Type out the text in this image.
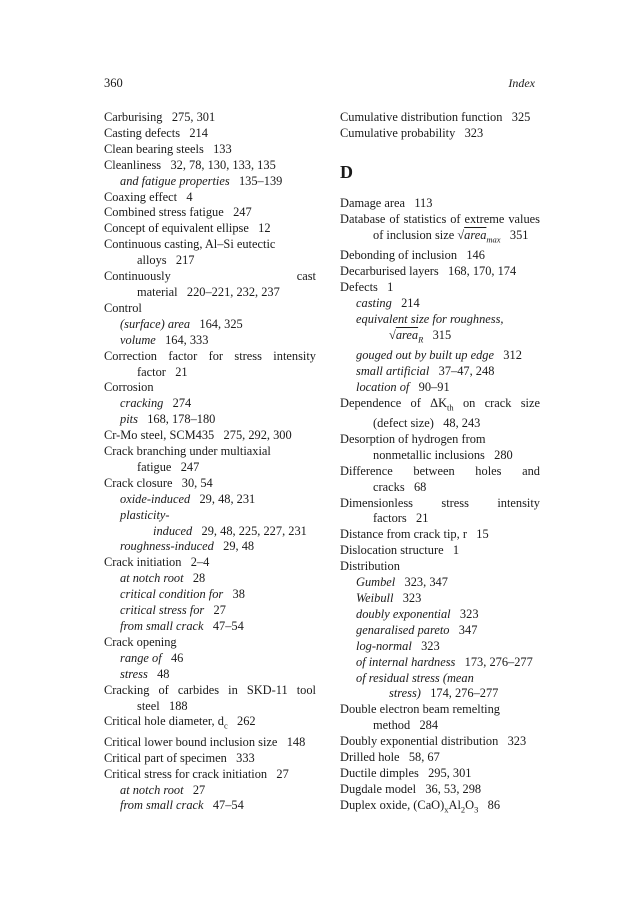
360	Index
Carburising 275, 301
Casting defects 214
Clean bearing steels 133
Cleanliness 32, 78, 130, 133, 135
and fatigue properties 135–139
Coaxing effect 4
Combined stress fatigue 247
Concept of equivalent ellipse 12
Continuous casting, Al–Si eutectic alloys 217
Continuously cast material 220–221, 232, 237
Control
(surface) area 164, 325
volume 164, 333
Correction factor for stress intensity factor 21
Corrosion
cracking 274
pits 168, 178–180
Cr-Mo steel, SCM435 275, 292, 300
Crack branching under multiaxial fatigue 247
Crack closure 30, 54
oxide-induced 29, 48, 231
plasticity-induced 29, 48, 225, 227, 231
roughness-induced 29, 48
Crack initiation 2–4
at notch root 28
critical condition for 38
critical stress for 27
from small crack 47–54
Crack opening
range of 46
stress 48
Cracking of carbides in SKD-11 tool steel 188
Critical hole diameter, $d_c$ 262
Critical lower bound inclusion size 148
Critical part of specimen 333
Critical stress for crack initiation 27
at notch root 27
from small crack 47–54
Cumulative distribution function 325
Cumulative probability 323
D
Damage area 113
Database of statistics of extreme values of inclusion size √area$_{max}$ 351
Debonding of inclusion 146
Decarburised layers 168, 170, 174
Defects 1
casting 214
equivalent size for roughness, √area$_R$ 315
gouged out by built up edge 312
small artificial 37–47, 248
location of 90–91
Dependence of $\Delta K_{th}$ on crack size (defect size) 48, 243
Desorption of hydrogen from nonmetallic inclusions 280
Difference between holes and cracks 68
Dimensionless stress intensity factors 21
Distance from crack tip, r 15
Dislocation structure 1
Distribution
Gumbel 323, 347
Weibull 323
doubly exponential 323
genaralised pareto 347
log-normal 323
of internal hardness 173, 276–277
of residual stress (mean stress) 174, 276–277
Double electron beam remelting method 284
Doubly exponential distribution 323
Drilled hole 58, 67
Ductile dimples 295, 301
Dugdale model 36, 53, 298
Duplex oxide, $(CaO)_xAl_2O_3$ 86
